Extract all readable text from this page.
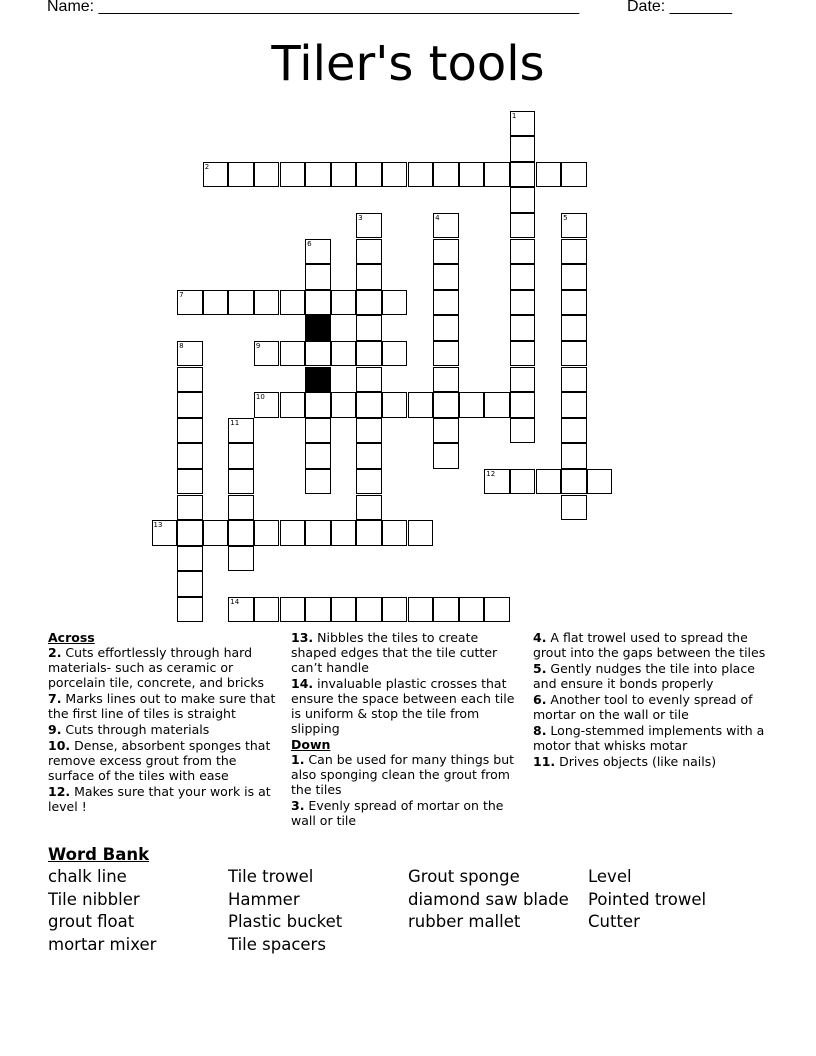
Name: ______________________________________________________	Date: _______
Tiler's tools
1
2
3	4	5
6
7
8	9
10
11
12
13
14
Across
2. Cuts effortlessly through hard materials- such as ceramic or porcelain tile, concrete, and bricks
7. Marks lines out to make sure that the first line of tiles is straight
9. Cuts through materials
10. Dense, absorbent sponges that remove excess grout from the surface of the tiles with ease
12. Makes sure that your work is at level !
13. Nibbles the tiles to create shaped edges that the tile cutter can’t handle
14. invaluable plastic crosses that ensure the space between each tile is uniform & stop the tile from slipping
Down
1. Can be used for many things but also sponging clean the grout from the tiles
3. Evenly spread of mortar on the wall or tile
4. A flat trowel used to spread the grout into the gaps between the tiles
5. Gently nudges the tile into place and ensure it bonds properly
6. Another tool to evenly spread of mortar on the wall or tile
8. Long-stemmed implements with a motor that whisks motar
11. Drives objects (like nails)
Word Bank
chalk line
Tile nibbler
grout float
mortar mixer
Tile trowel
Hammer
Plastic bucket
Tile spacers
Grout sponge
diamond saw blade
rubber mallet
Level
Pointed trowel
Cutter
